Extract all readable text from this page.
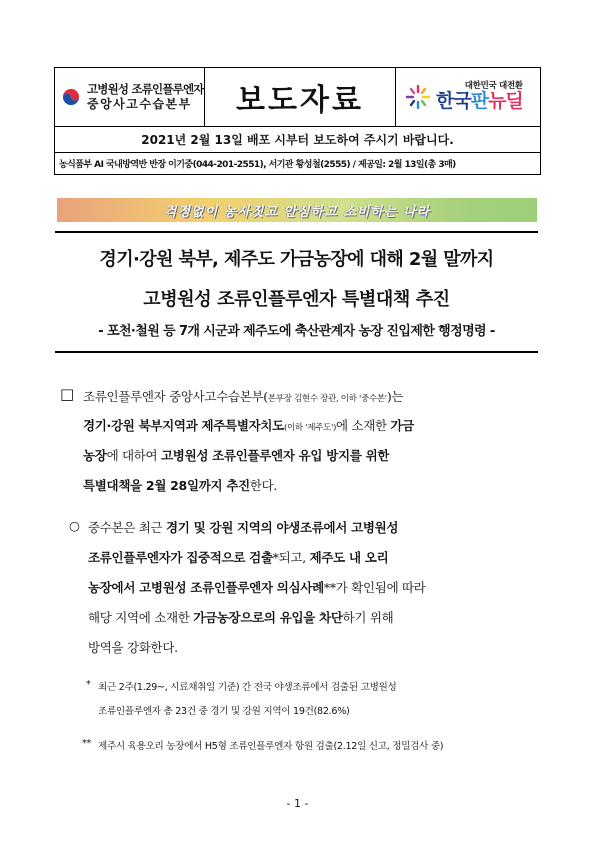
고병원성 조류인플루엔자
중앙사고수습본부	보도자료	대한민국 대전환
한국판뉴딜

2021년 2월 13일 배포 시부터 보도하여 주시기 바랍니다.
농식품부 AI 국내방역반 반장 이기중(044-201-2551), 서기관 황성철(2555) / 제공일: 2월 13일(총 3매)
걱정없이 농사짓고 안심하고 소비하는 나라
경기·강원 북부, 제주도 가금농장에 대해 2월 말까지
고병원성 조류인플루엔자 특별대책 추진
- 포천·철원 등 7개 시군과 제주도에 축산관계자 농장 진입제한 행정명령 -
□ 조류인플루엔자 중앙사고수습본부(본부장 김현수 장관, 이하 '중수본')는
경기·강원 북부지역과 제주특별자치도(이하 '제주도')에 소재한 가금
농장에 대하여 고병원성 조류인플루엔자 유입 방지를 위한
특별대책을 2월 28일까지 추진한다.
○ 중수본은 최근 경기 및 강원 지역의 야생조류에서 고병원성
조류인플루엔자가 집중적으로 검출*되고, 제주도 내 오리
농장에서 고병원성 조류인플루엔자 의심사례**가 확인됨에 따라
해당 지역에 소재한 가금농장으로의 유입을 차단하기 위해
방역을 강화한다.
* 최근 2주(1.29~, 시료채취일 기준) 간 전국 야생조류에서 검출된 고병원성
조류인플루엔자 총 23건 중 경기 및 강원 지역이 19건(82.6%)
** 제주시 육용오리 농장에서 H5형 조류인플루엔자 항원 검출(2.12일 신고, 정밀검사 중)
- 1 -
